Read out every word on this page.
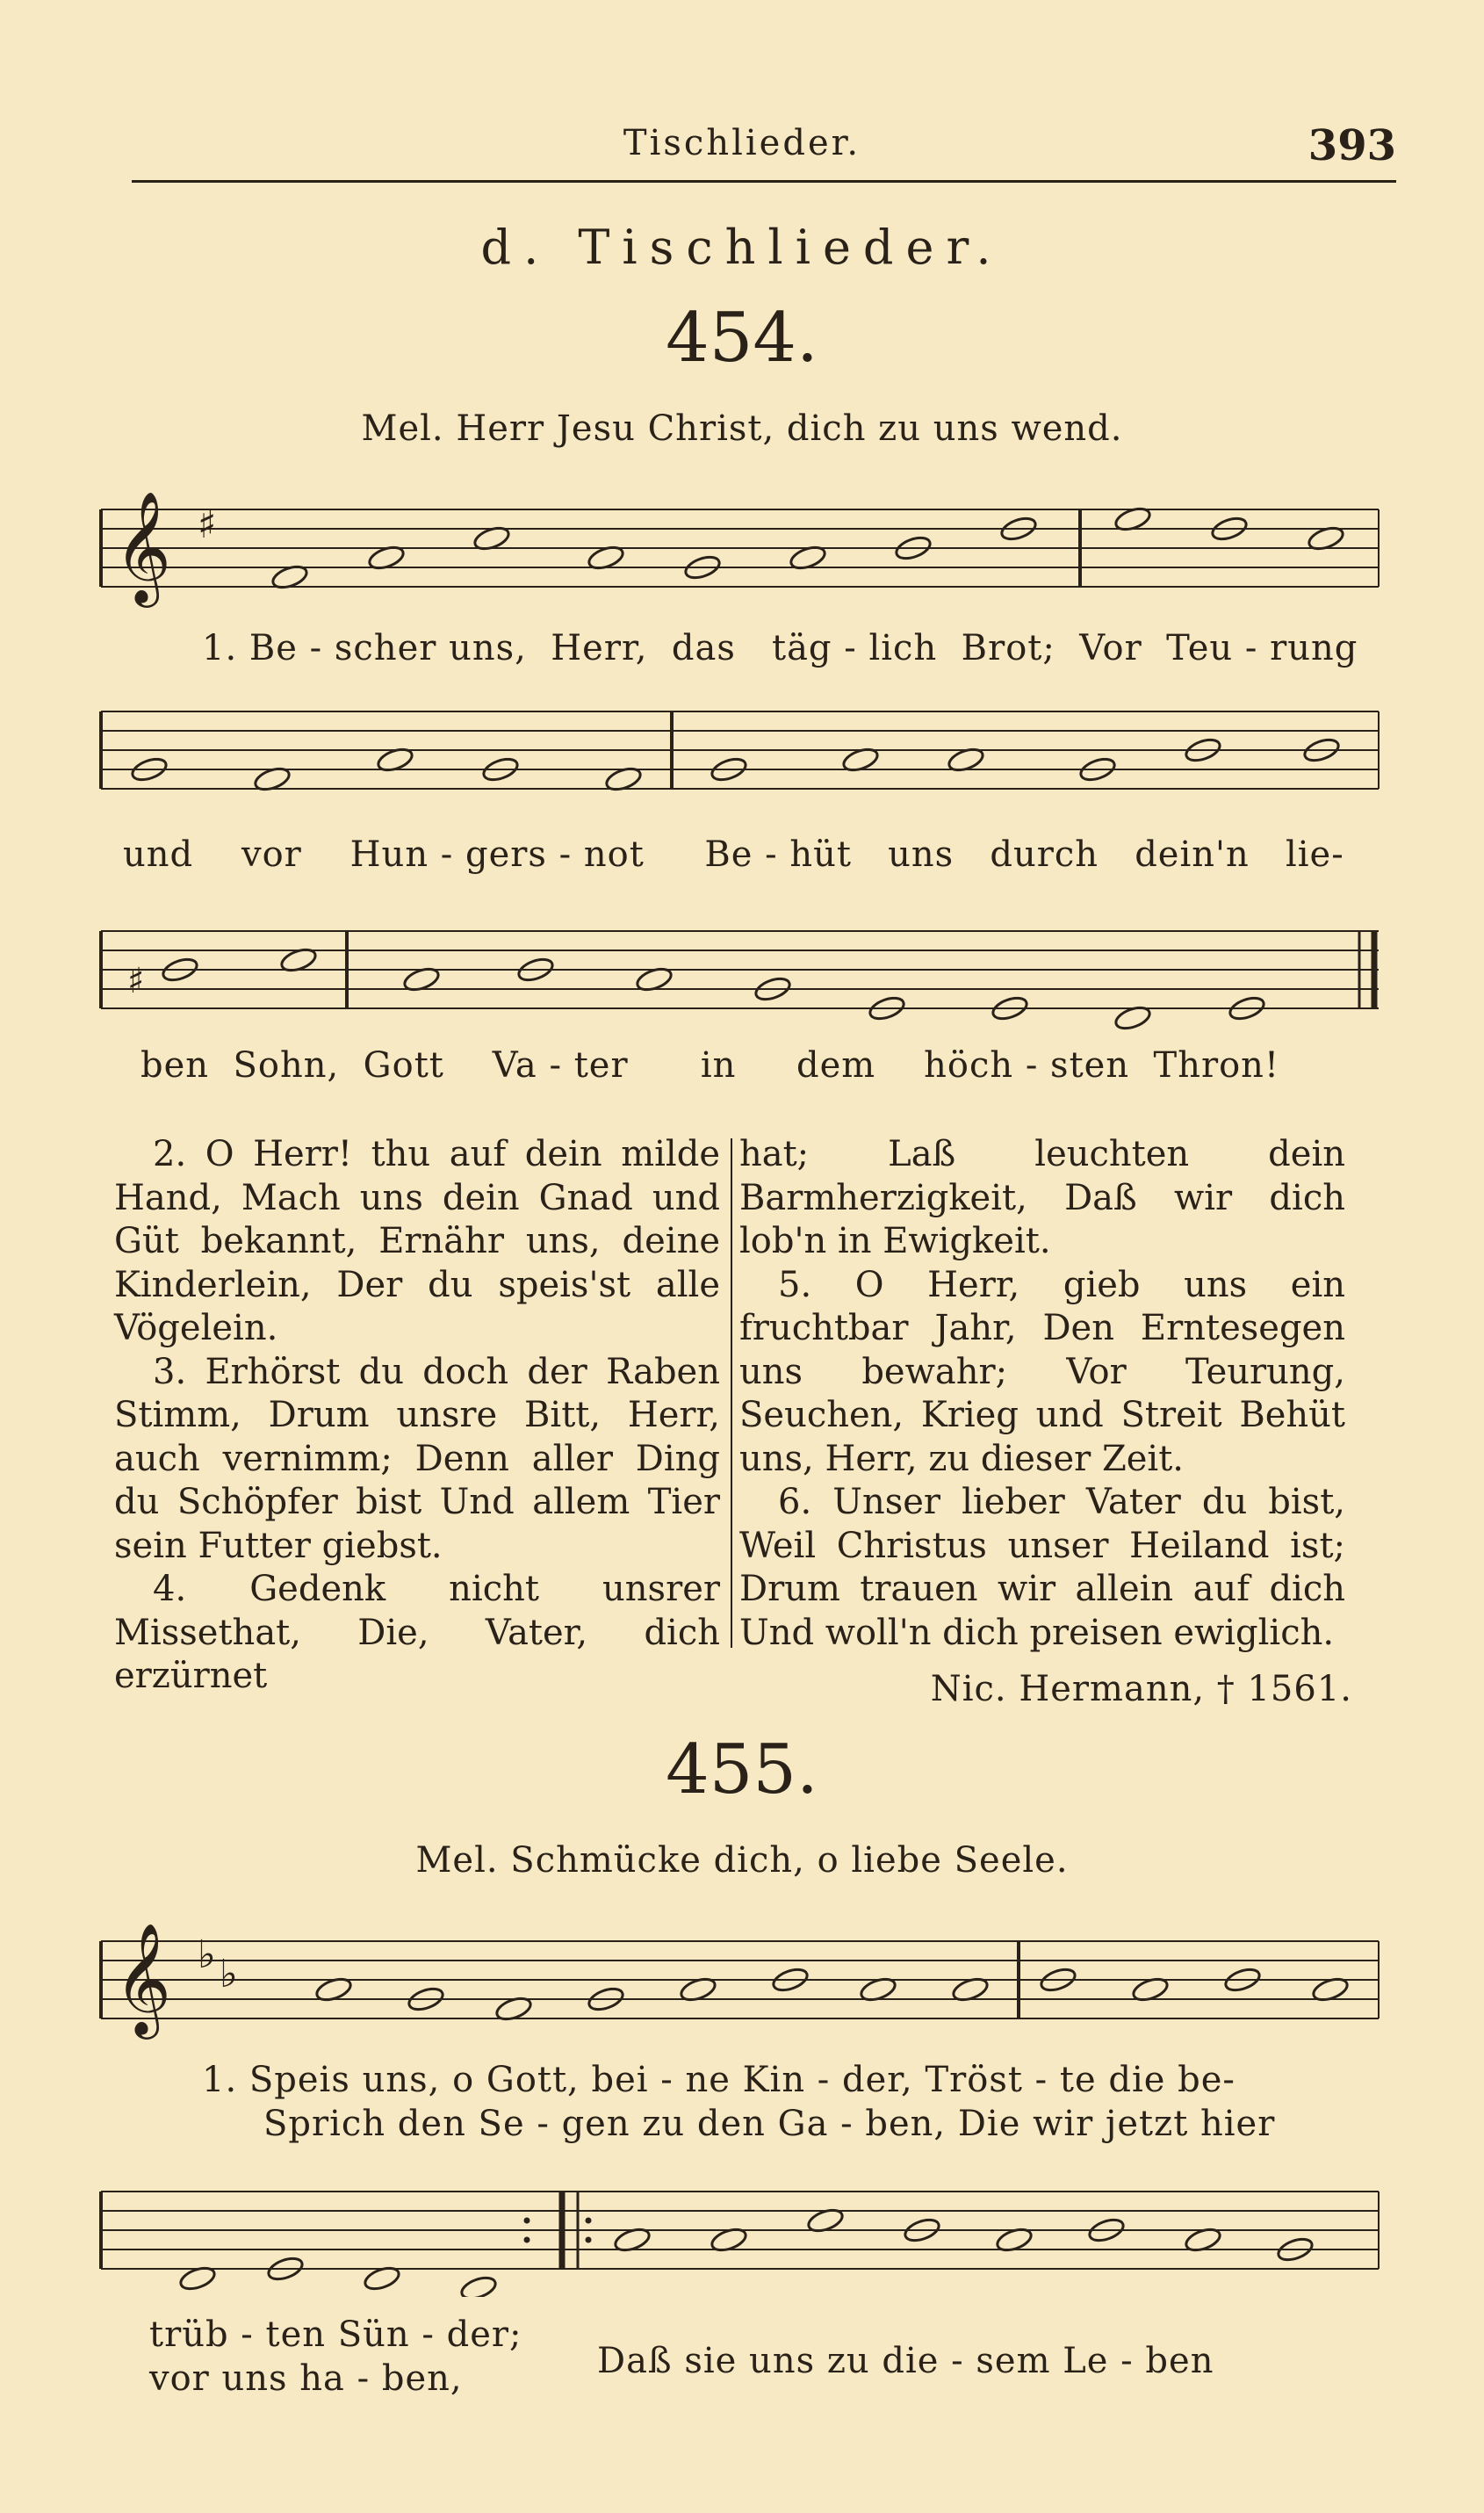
Tischlieder.	393
d. Tischlieder.
454.
Mel. Herr Jesu Christ, dich zu uns wend.
𝄞 ♯
1. Be - scher uns, Herr, das täg - lich Brot; Vor Teu - rung
und vor Hun - gers - not Be - hüt uns durch dein'n lie-
♯
ben Sohn, Gott Va - ter in dem höch - sten Thron!

2. O Herr! thu auf dein milde Hand, Mach uns dein Gnad und Güt bekannt, Ernähr uns, deine Kinderlein, Der du speis'st alle Vögelein.

3. Erhörst du doch der Raben Stimm, Drum unsre Bitt, Herr, auch vernimm; Denn aller Ding du Schöpfer bist Und allem Tier sein Futter giebst.

4. Gedenk nicht unsrer Missethat, Die, Vater, dich erzürnet

hat; Laß leuchten dein Barmherzigkeit, Daß wir dich lob'n in Ewigkeit.

5. O Herr, gieb uns ein fruchtbar Jahr, Den Erntesegen uns bewahr; Vor Teurung, Seuchen, Krieg und Streit Behüt uns, Herr, zu dieser Zeit.

6. Unser lieber Vater du bist, Weil Christus unser Heiland ist; Drum trauen wir allein auf dich Und woll'n dich preisen ewiglich.

Nic. Hermann, † 1561.
455.
Mel. Schmücke dich, o liebe Seele.
𝄞 ♭ ♭
1. Speis uns, o Gott, bei - ne Kin - der, Tröst - te die be-
Sprich den Se - gen zu den Ga - ben, Die wir jetzt hier
trüb - ten Sün - der;
vor uns ha - ben,	Daß sie uns zu die - sem Le - ben
